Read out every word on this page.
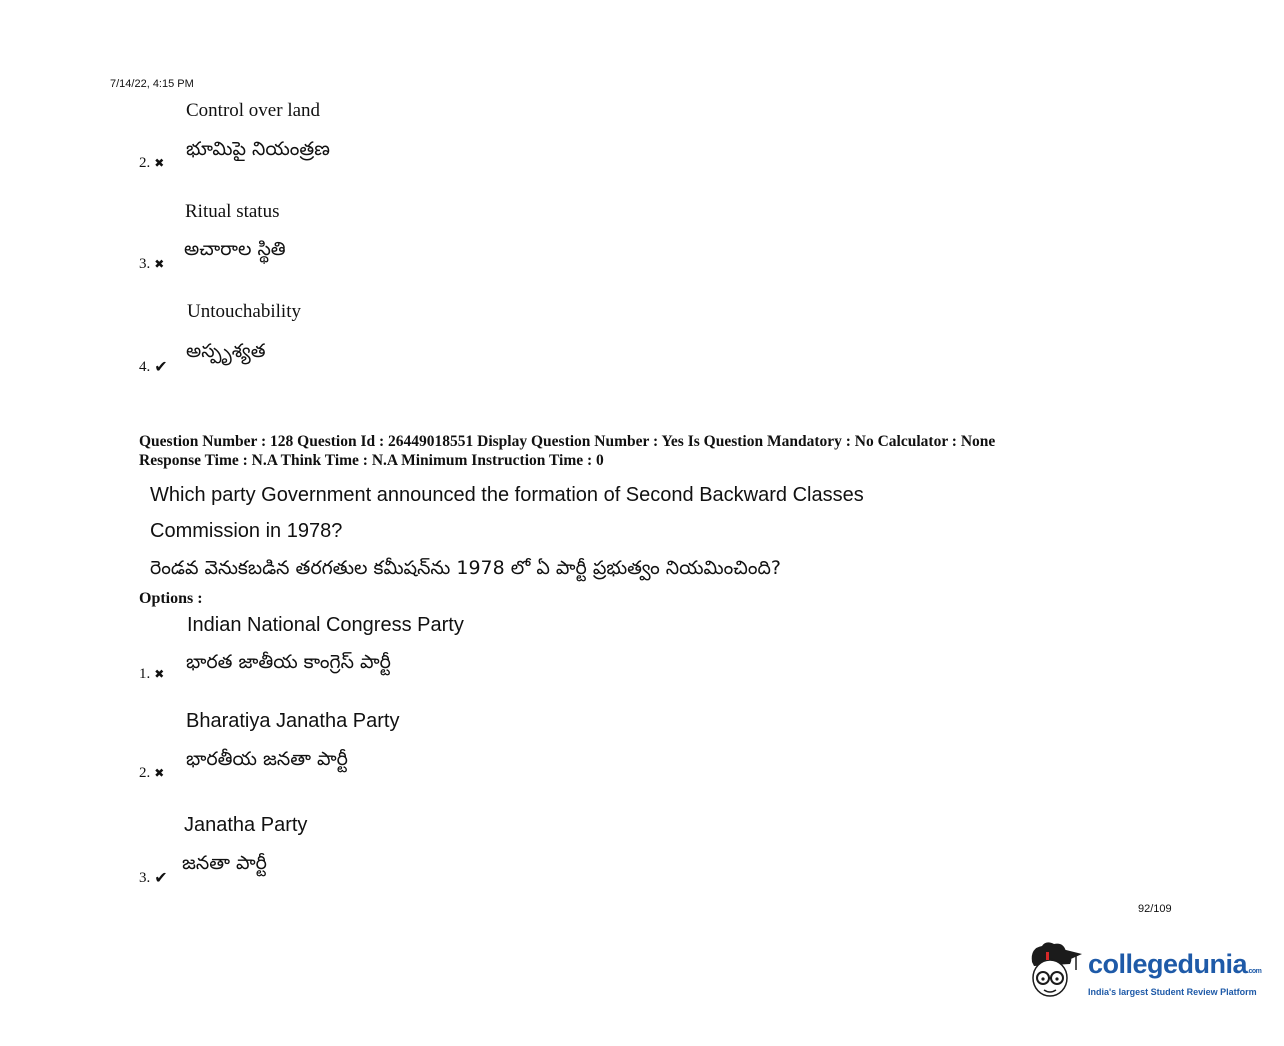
7/14/22, 4:15 PM
Control over land
భూమిపై నియంత్రణ
2. ✖
Ritual status
అచారాల స్థితి
3. ✖
Untouchability
అస్పృశ్యత
4. ✔
Question Number : 128 Question Id : 26449018551 Display Question Number : Yes Is Question Mandatory : No Calculator : None
Response Time : N.A Think Time : N.A Minimum Instruction Time : 0
Which party Government announced the formation of Second Backward Classes
Commission in 1978?
రెండవ వెనుకబడిన తరగతుల కమీషన్‌ను 1978 లో ఏ పార్టీ ప్రభుత్వం నియమించింది?
Options :
Indian National Congress Party
భారత జాతీయ కాంగ్రెస్ పార్టీ
1. ✖
Bharatiya Janatha Party
భారతీయ జనతా పార్టీ
2. ✖
Janatha Party
జనతా పార్టీ
3. ✔
92/109
collegedunia.com
India's largest Student Review Platform
